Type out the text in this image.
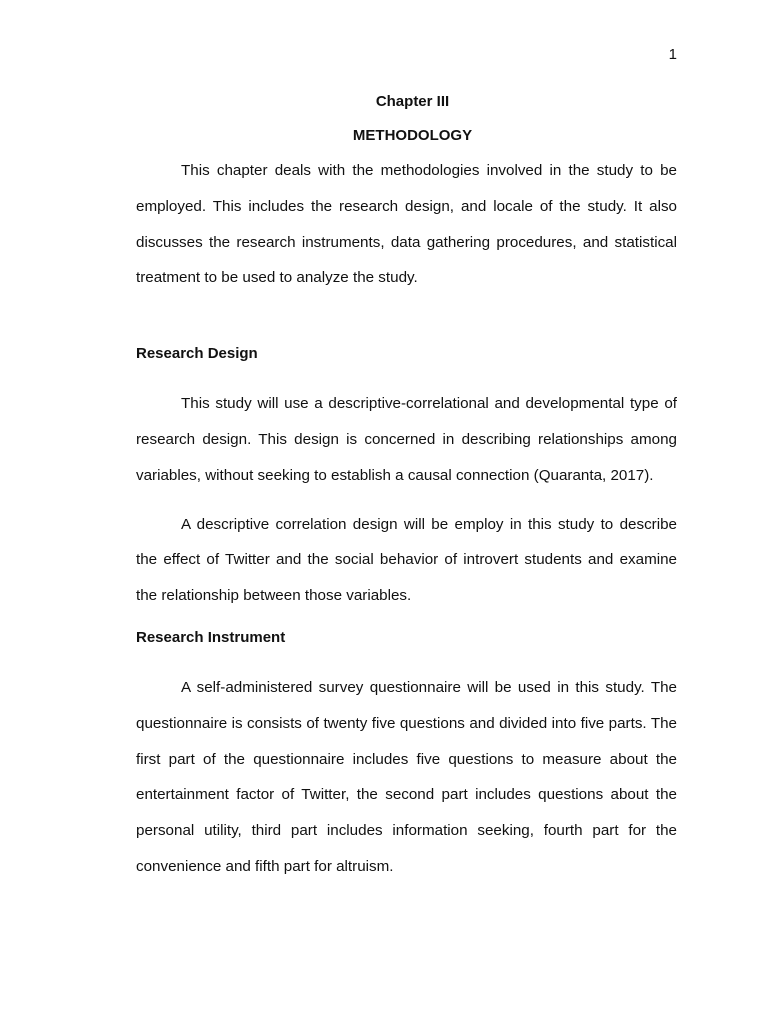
1
Chapter III
METHODOLOGY

This chapter deals with the methodologies involved in the study to be employed. This includes the research design, and locale of the study. It also discusses the research instruments, data gathering procedures, and statistical treatment to be used to analyze the study.

Research Design

This study will use a descriptive-correlational and developmental type of research design. This design is concerned in describing relationships among variables, without seeking to establish a causal connection (Quaranta, 2017).

A descriptive correlation design will be employ in this study to describe the effect of Twitter and the social behavior of introvert students and examine the relationship between those variables.

Research Instrument

A self-administered survey questionnaire will be used in this study. The questionnaire is consists of twenty five questions and divided into five parts. The first part of the questionnaire includes five questions to measure about the entertainment factor of Twitter, the second part includes questions about the personal utility, third part includes information seeking, fourth part for the convenience and fifth part for altruism.
